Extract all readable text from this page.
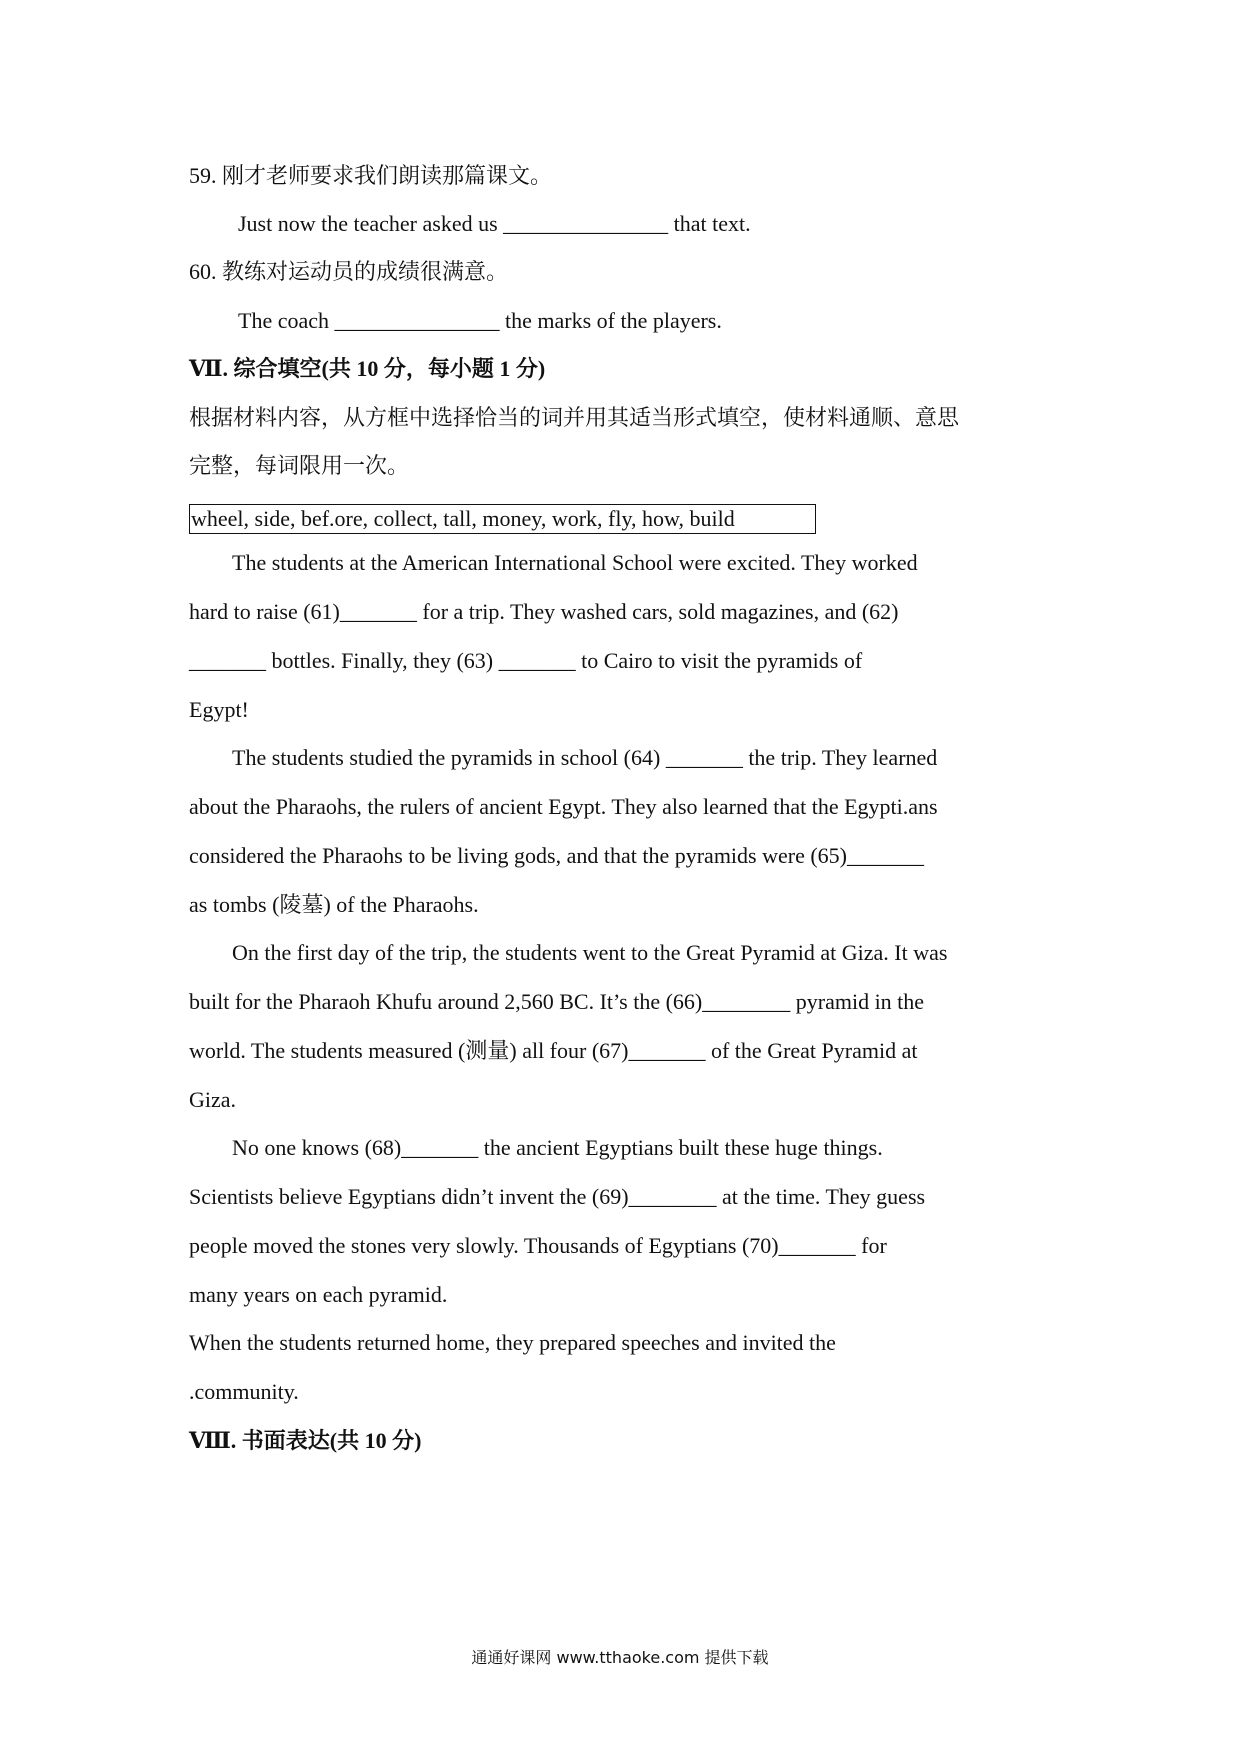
59. 刚才老师要求我们朗读那篇课文。
Just now the teacher asked us _______________ that text.
60. 教练对运动员的成绩很满意。
The coach _______________ the marks of the players.
Ⅶ. 综合填空(共 10 分，每小题 1 分)
根据材料内容，从方框中选择恰当的词并用其适当形式填空，使材料通顺、意思
完整，每词限用一次。
wheel, side, bef.ore, collect, tall, money, work, fly, how, build
The students at the American International School were excited. They worked
hard to raise (61)_______ for a trip. They washed cars, sold magazines, and (62)
_______ bottles. Finally, they (63) _______ to Cairo to visit the pyramids of
Egypt!
The students studied the pyramids in school (64) _______ the trip. They learned
about the Pharaohs, the rulers of ancient Egypt. They also learned that the Egypti.ans
considered the Pharaohs to be living gods, and that the pyramids were (65)_______
as tombs (陵墓) of the Pharaohs.
On the first day of the trip, the students went to the Great Pyramid at Giza. It was
built for the Pharaoh Khufu around 2,560 BC. It’s the (66)________ pyramid in the
world. The students measured (测量) all four (67)_______ of the Great Pyramid at
Giza.
No one knows (68)_______ the ancient Egyptians built these huge things.
Scientists believe Egyptians didn’t invent the (69)________ at the time. They guess
people moved the stones very slowly. Thousands of Egyptians (70)_______ for
many years on each pyramid.
When the students returned home, they prepared speeches and invited the
.community.
Ⅷ. 书面表达(共 10 分)
通通好课网 www.tthaoke.com 提供下载
